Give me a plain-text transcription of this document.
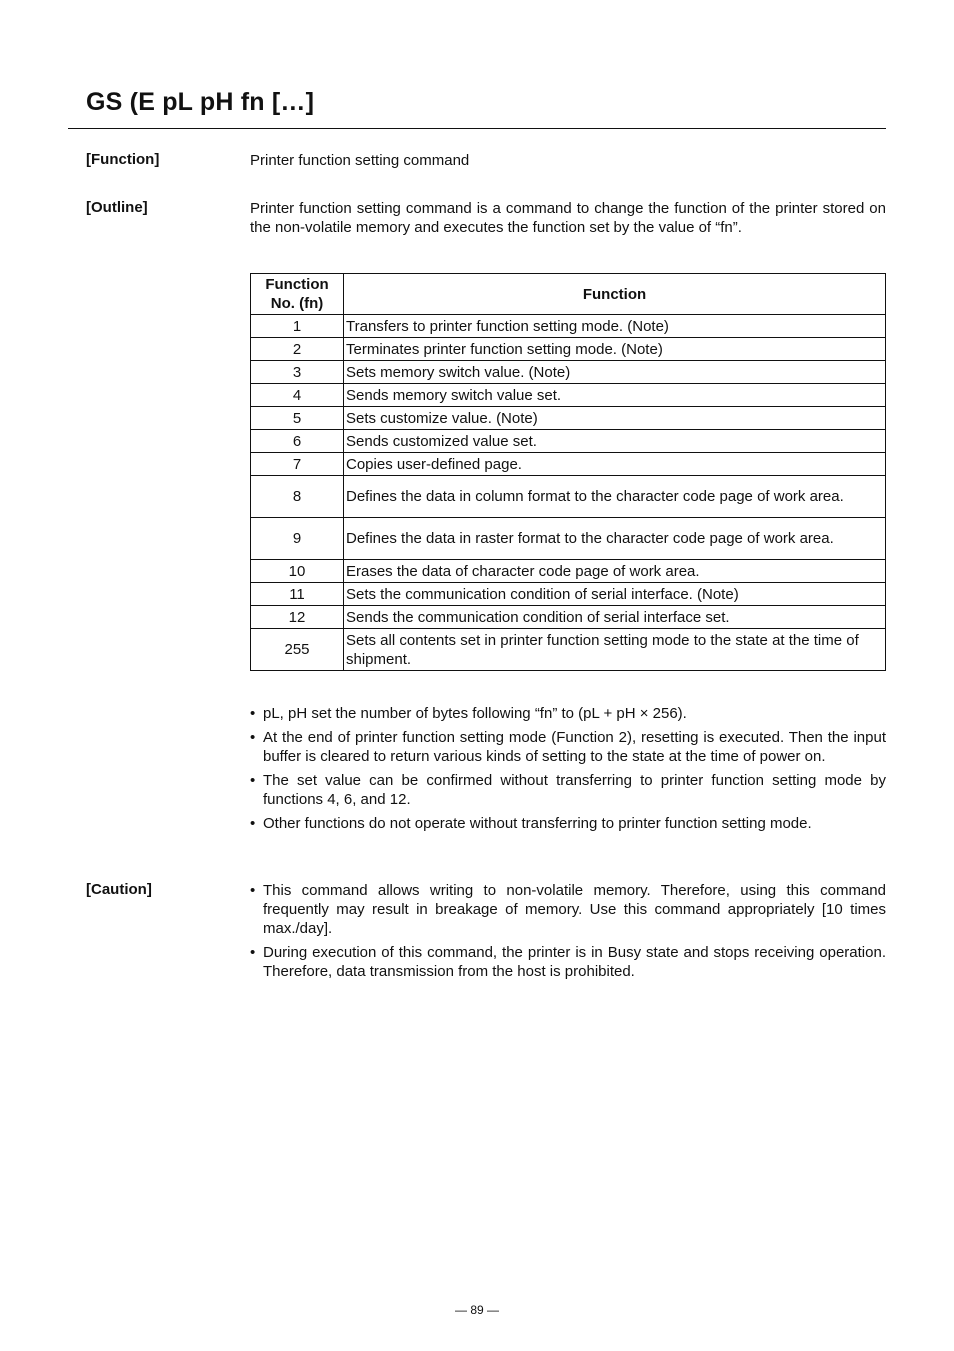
GS (E pL pH fn […]
[Function]	Printer function setting command
[Outline]	Printer function setting command is a command to change the function of the printer stored on the non-volatile memory and executes the function set by the value of “fn”.
Function No. (fn)	Function
1	Transfers to printer function setting mode. (Note)
2	Terminates printer function setting mode. (Note)
3	Sets memory switch value. (Note)
4	Sends memory switch value set.
5	Sets customize value. (Note)
6	Sends customized value set.
7	Copies user-defined page.
8	Defines the data in column format to the character code page of work area.
9	Defines the data in raster format to the character code page of work area.
10	Erases the data of character code page of work area.
11	Sets the communication condition of serial interface. (Note)
12	Sends the communication condition of serial interface set.
255	Sets all contents set in printer function setting mode to the state at the time of shipment.
• pL, pH set the number of bytes following “fn” to (pL + pH × 256).
• At the end of printer function setting mode (Function 2), resetting is executed. Then the input buffer is cleared to return various kinds of setting to the state at the time of power on.
• The set value can be confirmed without transferring to printer function setting mode by functions 4, 6, and 12.
• Other functions do not operate without transferring to printer function setting mode.
[Caution]	• This command allows writing to non-volatile memory. Therefore, using this command frequently may result in breakage of memory. Use this command appropriately [10 times max./day].
• During execution of this command, the printer is in Busy state and stops receiving operation. Therefore, data transmission from the host is prohibited.
— 89 —
